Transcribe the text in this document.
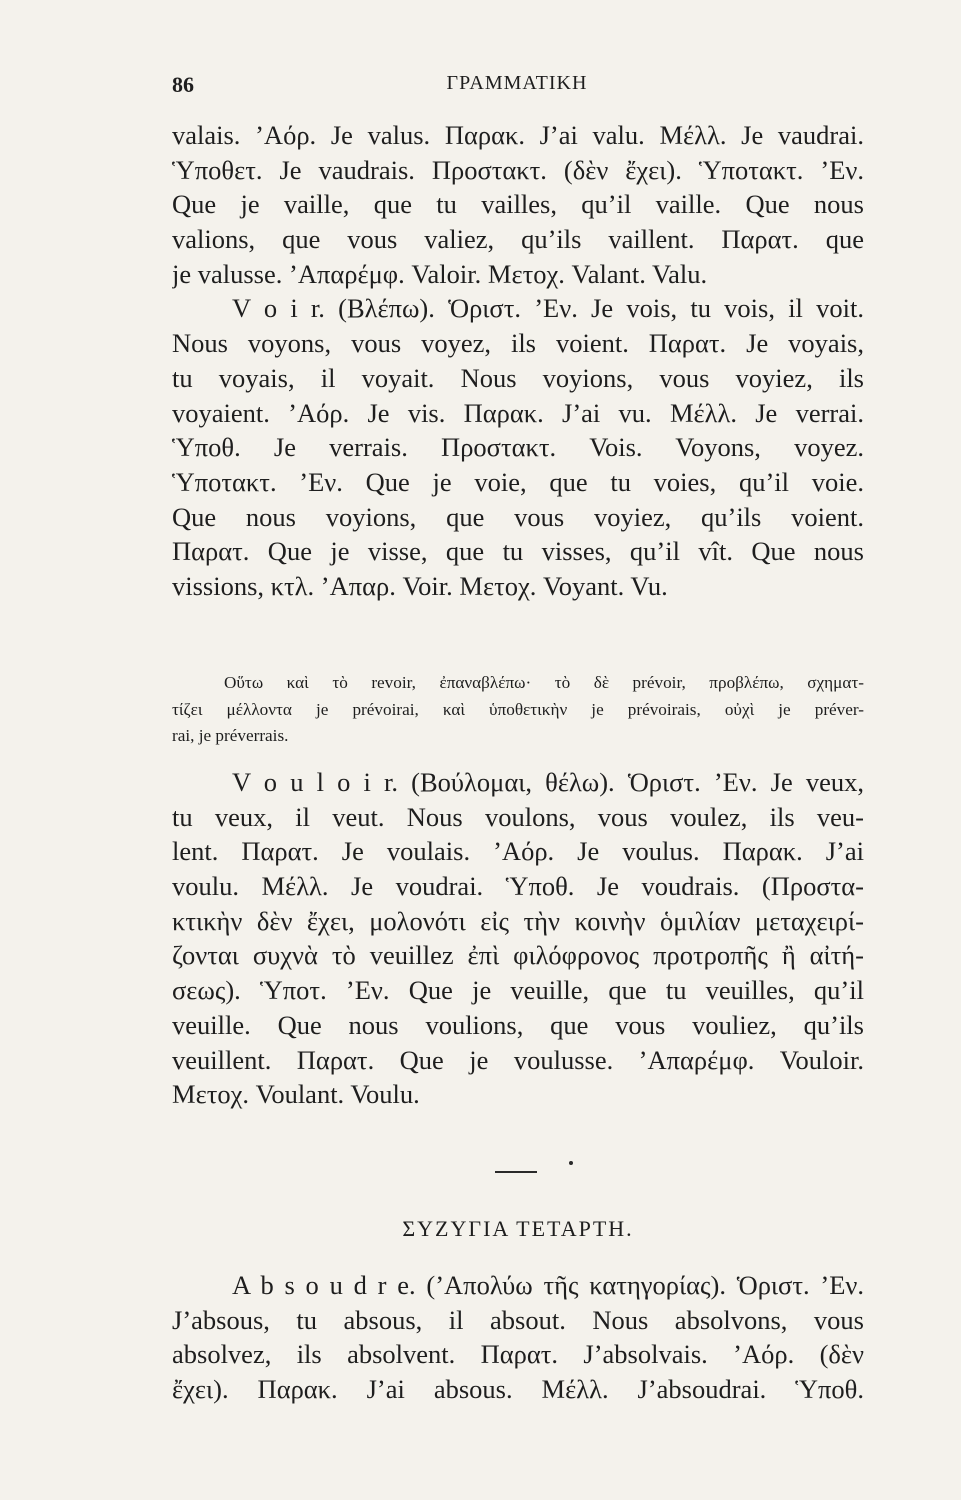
86	ΓΡΑΜΜΑΤΙΚΗ
valais. ’Αόρ. Je valus. Παρακ. J’ai valu. Μέλλ. Je vaudrai.
Ὑποθετ. Je vaudrais. Προστακτ. (δὲν ἔχει). Ὑποτακτ. ’Εν.
Que je vaille, que tu vailles, qu’il vaille. Que nous
valions, que vous valiez, qu’ils vaillent. Παρατ. que
je valusse. ’Απαρέμφ. Valoir. Μετοχ. Valant. Valu.
V o i r. (Βλέπω). Ὁριστ. ’Εν. Je vois, tu vois, il voit.
Nous voyons, vous voyez, ils voient. Παρατ. Je voyais,
tu voyais, il voyait. Nous voyions, vous voyiez, ils
voyaient. ’Αόρ. Je vis. Παρακ. J’ai vu. Μέλλ. Je verrai.
Ὑποθ. Je verrais. Προστακτ. Vois. Voyons, voyez.
Ὑποτακτ. ’Εν. Que je voie, que tu voies, qu’il voie.
Que nous voyions, que vous voyiez, qu’ils voient.
Παρατ. Que je visse, que tu visses, qu’il vît. Que nous
vissions, κτλ. ’Απαρ. Voir. Μετοχ. Voyant. Vu.
Οὕτω καὶ τὸ revoir, ἐπαναβλέπω· τὸ δὲ prévoir, προβλέπω, σχηματ-
τίζει μέλλοντα je prévoirai, καὶ ὑποθετικὴν je prévoirais, οὐχὶ je préver-
rai, je préverrais.
V o u l o i r. (Βούλομαι, θέλω). Ὁριστ. ’Εν. Je veux,
tu veux, il veut. Nous voulons, vous voulez, ils veu-
lent. Παρατ. Je voulais. ’Αόρ. Je voulus. Παρακ. J’ai
voulu. Μέλλ. Je voudrai. Ὑποθ. Je voudrais. (Προστα-
κτικὴν δὲν ἔχει, μολονότι εἰς τὴν κοινὴν ὁμιλίαν μεταχειρί-
ζονται συχνὰ τὸ veuillez ἐπὶ φιλόφρονος προτροπῆς ἢ αἰτή-
σεως). Ὑποτ. ’Εν. Que je veuille, que tu veuilles, qu’il
veuille. Que nous voulions, que vous vouliez, qu’ils
veuillent. Παρατ. Que je voulusse. ’Απαρέμφ. Vouloir.
Μετοχ. Voulant. Voulu.
ΣΥΖΥΓΙΑ ΤΕΤΑΡΤΗ.
A b s o u d r e. (’Απολύω τῆς κατηγορίας). Ὁριστ. ’Εν.
J’absous, tu absous, il absout. Nous absolvons, vous
absolvez, ils absolvent. Παρατ. J’absolvais. ’Αόρ. (δὲν
ἔχει). Παρακ. J’ai absous. Μέλλ. J’absoudrai. Ὑποθ.
